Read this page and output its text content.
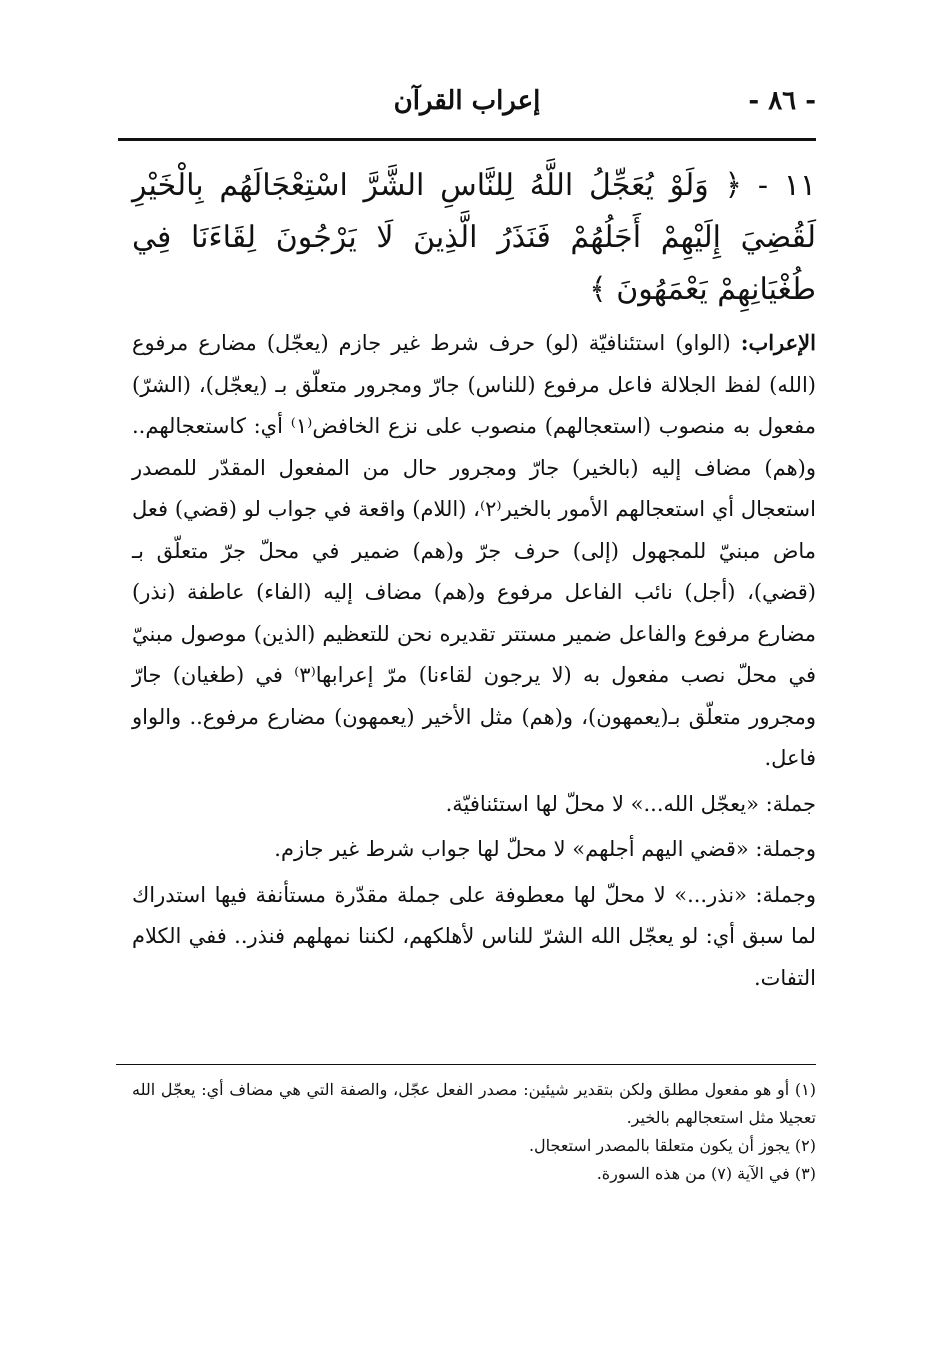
- ٨٦ -
إعراب القرآن

١١ - ﴿ وَلَوْ يُعَجِّلُ اللَّهُ لِلنَّاسِ الشَّرَّ اسْتِعْجَالَهُم بِالْخَيْرِ لَقُضِيَ إِلَيْهِمْ أَجَلُهُمْ فَنَذَرُ الَّذِينَ لَا يَرْجُونَ لِقَاءَنَا فِي طُغْيَانِهِمْ يَعْمَهُونَ ﴾

الإعراب: (الواو) استئنافيّة (لو) حرف شرط غير جازم (يعجّل) مضارع مرفوع (الله) لفظ الجلالة فاعل مرفوع (للناس) جارّ ومجرور متعلّق بـ (يعجّل)، (الشرّ) مفعول به منصوب (استعجالهم) منصوب على نزع الخافض⁽١⁾ أي: كاستعجالهم.. و(هم) مضاف إليه (بالخير) جارّ ومجرور حال من المفعول المقدّر للمصدر استعجال أي استعجالهم الأمور بالخير⁽٢⁾، (اللام) واقعة في جواب لو (قضي) فعل ماض مبنيّ للمجهول (إلى) حرف جرّ و(هم) ضمير في محلّ جرّ متعلّق بـ (قضي)، (أجل) نائب الفاعل مرفوع و(هم) مضاف إليه (الفاء) عاطفة (نذر) مضارع مرفوع والفاعل ضمير مستتر تقديره نحن للتعظيم (الذين) موصول مبنيّ في محلّ نصب مفعول به (لا يرجون لقاءنا) مرّ إعرابها⁽٣⁾ في (طغيان) جارّ ومجرور متعلّق بـ(يعمهون)، و(هم) مثل الأخير (يعمهون) مضارع مرفوع.. والواو فاعل.

جملة: «يعجّل الله...» لا محلّ لها استئنافيّة.

وجملة: «قضي اليهم أجلهم» لا محلّ لها جواب شرط غير جازم.

وجملة: «نذر...» لا محلّ لها معطوفة على جملة مقدّرة مستأنفة فيها استدراك لما سبق أي: لو يعجّل الله الشرّ للناس لأهلكهم، لكننا نمهلهم فنذر.. ففي الكلام التفات.

(١) أو هو مفعول مطلق ولكن بتقدير شيئين: مصدر الفعل عجّل، والصفة التي هي مضاف أي: يعجّل الله تعجيلا مثل استعجالهم بالخير.

(٢) يجوز أن يكون متعلقا بالمصدر استعجال.

(٣) في الآية (٧) من هذه السورة.
